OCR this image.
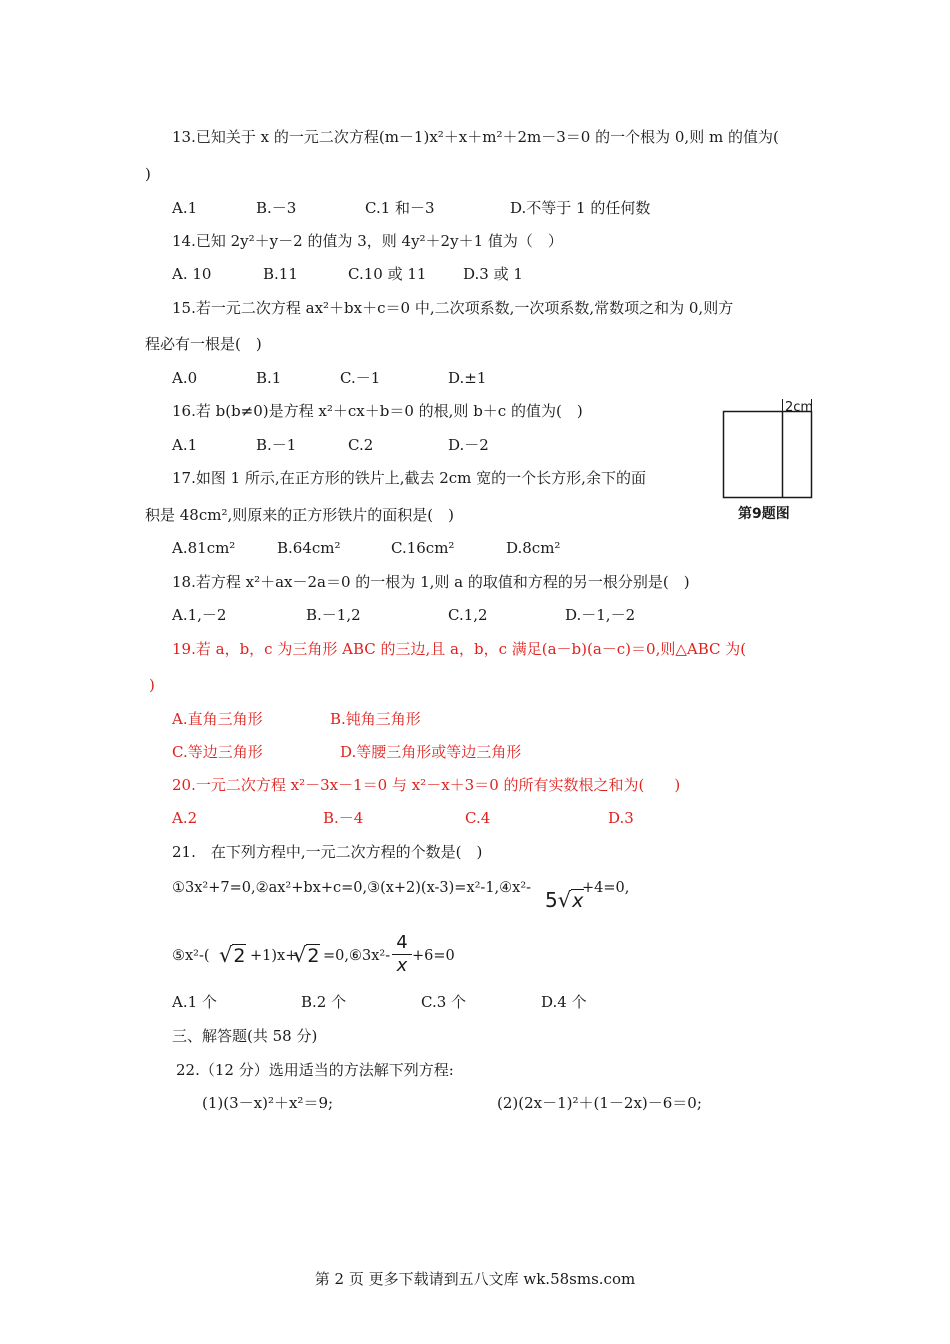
13.已知关于 x 的一元二次方程(m－1)x²＋x＋m²＋2m－3＝0 的一个根为 0,则 m 的值为(
)
A.1	B.－3	C.1 和－3	D.不等于 1 的任何数
14.已知 2y²＋y－2 的值为 3，则 4y²＋2y＋1 值为（　）
A. 10	B.11	C.10 或 11 D.3 或 1
15.若一元二次方程 ax²＋bx＋c＝0 中,二次项系数,一次项系数,常数项之和为 0,则方
程必有一根是(　)
A.0	B.1	C.－1	D.±1
16.若 b(b≠0)是方程 x²＋cx＋b＝0 的根,则 b＋c 的值为(　)
A.1	B.－1	C.2	D.－2
2cm
第9题图
17.如图 1 所示,在正方形的铁片上,截去 2cm 宽的一个长方形,余下的面
积是 48cm²,则原来的正方形铁片的面积是(　)
A.81cm²	B.64cm²	C.16cm²	D.8cm²
18.若方程 x²＋ax－2a＝0 的一根为 1,则 a 的取值和方程的另一根分别是(　)
A.1,－2	B.－1,2	C.1,2	D.－1,－2
19.若 a，b，c 为三角形 ABC 的三边,且 a，b，c 满足(a－b)(a－c)＝0,则△ABC 为(
)
A.直角三角形	B.钝角三角形
C.等边三角形	D.等腰三角形或等边三角形
20.一元二次方程 x²－3x－1＝0 与 x²－x＋3＝0 的所有实数根之和为(　　)
A.2	B.－4	C.4	D.3
21.　在下列方程中,一元二次方程的个数是(　)
①3x²+7=0,②ax²+bx+c=0,③(x+2)(x-3)=x²-1,④x²- 5√x
+4=0,
⑤x²-( √2 +1)x+
√2 =0,⑥3x²-
4
x +6=0
A.1 个	B.2 个	C.3 个	D.4 个
三、解答题(共 58 分)
22.（12 分）选用适当的方法解下列方程:
(1)(3－x)²＋x²＝9;	(2)(2x－1)²＋(1－2x)－6＝0;
第 2 页 更多下载请到五八文库 wk.58sms.com
